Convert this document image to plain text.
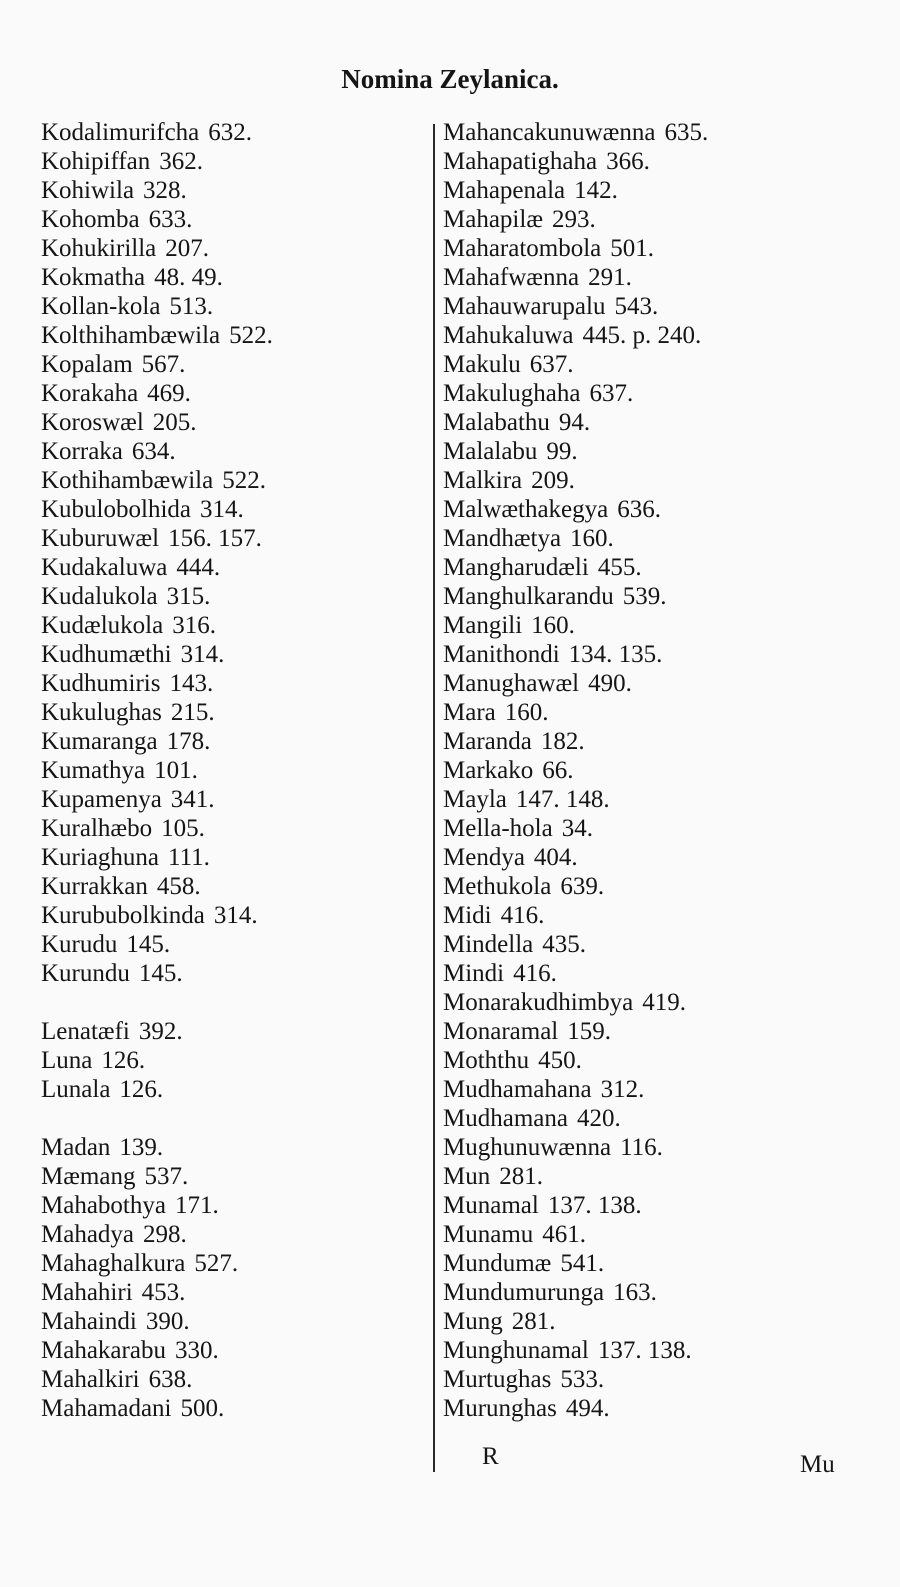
Nomina Zeylanica.
Kodalimurifcha 632.
Kohipiffan 362.
Kohiwila 328.
Kohomba 633.
Kohukirilla 207.
Kokmatha 48. 49.
Kollan-kola 513.
Kolthihambæwila 522.
Kopalam 567.
Korakaha 469.
Koroswæl 205.
Korraka 634.
Kothihambæwila 522.
Kubulobolhida 314.
Kuburuwæl 156. 157.
Kudakaluwa 444.
Kudalukola 315.
Kudælukola 316.
Kudhumæthi 314.
Kudhumiris 143.
Kukulughas 215.
Kumaranga 178.
Kumathya 101.
Kupamenya 341.
Kuralhæbo 105.
Kuriaghuna 111.
Kurrakkan 458.
Kurububolkinda 314.
Kurudu 145.
Kurundu 145.
Lenatæfi 392.
Luna 126.
Lunala 126.
Madan 139.
Mæmang 537.
Mahabothya 171.
Mahadya 298.
Mahaghalkura 527.
Mahahiri 453.
Mahaindi 390.
Mahakarabu 330.
Mahalkiri 638.
Mahamadani 500.
Mahancakunuwænna 635.
Mahapatighaha 366.
Mahapenala 142.
Mahapilæ 293.
Maharatombola 501.
Mahafwænna 291.
Mahauwarupalu 543.
Mahukaluwa 445. p. 240.
Makulu 637.
Makulughaha 637.
Malabathu 94.
Malalabu 99.
Malkira 209.
Malwæthakegya 636.
Mandhætya 160.
Mangharudæli 455.
Manghulkarandu 539.
Mangili 160.
Manithondi 134. 135.
Manughawæl 490.
Mara 160.
Maranda 182.
Markako 66.
Mayla 147. 148.
Mella-hola 34.
Mendya 404.
Methukola 639.
Midi 416.
Mindella 435.
Mindi 416.
Monarakudhimbya 419.
Monaramal 159.
Moththu 450.
Mudhamahana 312.
Mudhamana 420.
Mughunuwænna 116.
Mun 281.
Munamal 137. 138.
Munamu 461.
Mundumæ 541.
Mundumurunga 163.
Mung 281.
Munghunamal 137. 138.
Murtughas 533.
Murunghas 494.
R	Mu
